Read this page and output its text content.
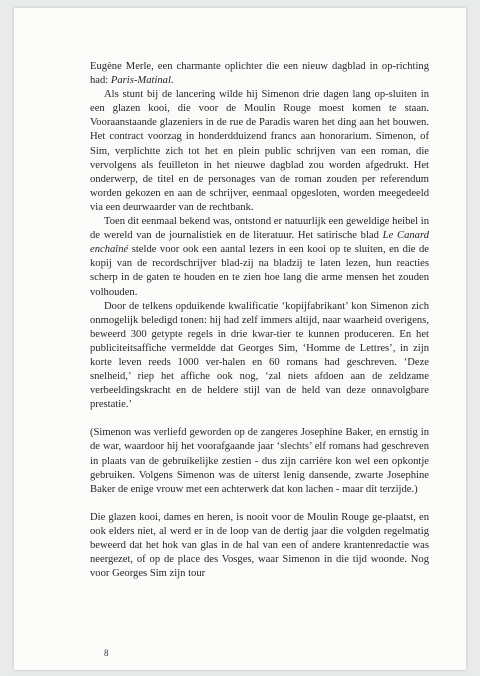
Eugène Merle, een charmante oplichter die een nieuw dagblad in op-richting had: Paris-Matinal.

Als stunt bij de lancering wilde hij Simenon drie dagen lang op-sluiten in een glazen kooi, die voor de Moulin Rouge moest komen te staan. Vooraanstaande glazeniers in de rue de Paradis waren het ding aan het bouwen. Het contract voorzag in honderdduizend francs aan honorarium. Simenon, of Sim, verplichtte zich tot het en plein public schrijven van een roman, die vervolgens als feuilleton in het nieuwe dagblad zou worden afgedrukt. Het onderwerp, de titel en de personages van de roman zouden per referendum worden gekozen en aan de schrijver, eenmaal opgesloten, worden meegedeeld via een deurwaarder van de rechtbank.

Toen dit eenmaal bekend was, ontstond er natuurlijk een geweldige heibel in de wereld van de journalistiek en de literatuur. Het satirische blad Le Canard enchaîné stelde voor ook een aantal lezers in een kooi op te sluiten, en die de kopij van de recordschrijver blad-zij na bladzij te laten lezen, hun reacties scherp in de gaten te houden en te zien hoe lang die arme mensen het zouden volhouden.

Door de telkens opduikende kwalificatie ‘kopijfabrikant’ kon Simenon zich onmogelijk beledigd tonen: hij had zelf immers altijd, naar waarheid overigens, beweerd 300 getypte regels in drie kwar-tier te kunnen produceren. En het publiciteitsaffiche vermeldde dat Georges Sim, ‘Homme de Lettres’, in zijn korte leven reeds 1000 ver-halen en 60 romans had geschreven. ‘Deze snelheid,’ riep het affiche ook nog, ‘zal niets afdoen aan de zeldzame verbeeldingskracht en de heldere stijl van de held van deze onnavolgbare prestatie.’

(Simenon was verliefd geworden op de zangeres Josephine Baker, en ernstig in de war, waardoor hij het voorafgaande jaar ‘slechts’ elf romans had geschreven in plaats van de gebruikelijke zestien - dus zijn carrière kon wel een opkontje gebruiken. Volgens Simenon was de uiterst lenig dansende, zwarte Josephine Baker de enige vrouw met een achterwerk dat kon lachen - maar dit terzijde.)

Die glazen kooi, dames en heren, is nooit voor de Moulin Rouge ge-plaatst, en ook elders niet, al werd er in de loop van de dertig jaar die volgden regelmatig beweerd dat het hok van glas in de hal van een of andere krantenredactie was neergezet, of op de place des Vosges, waar Simenon in die tijd woonde. Nog voor Georges Sim zijn tour

8
